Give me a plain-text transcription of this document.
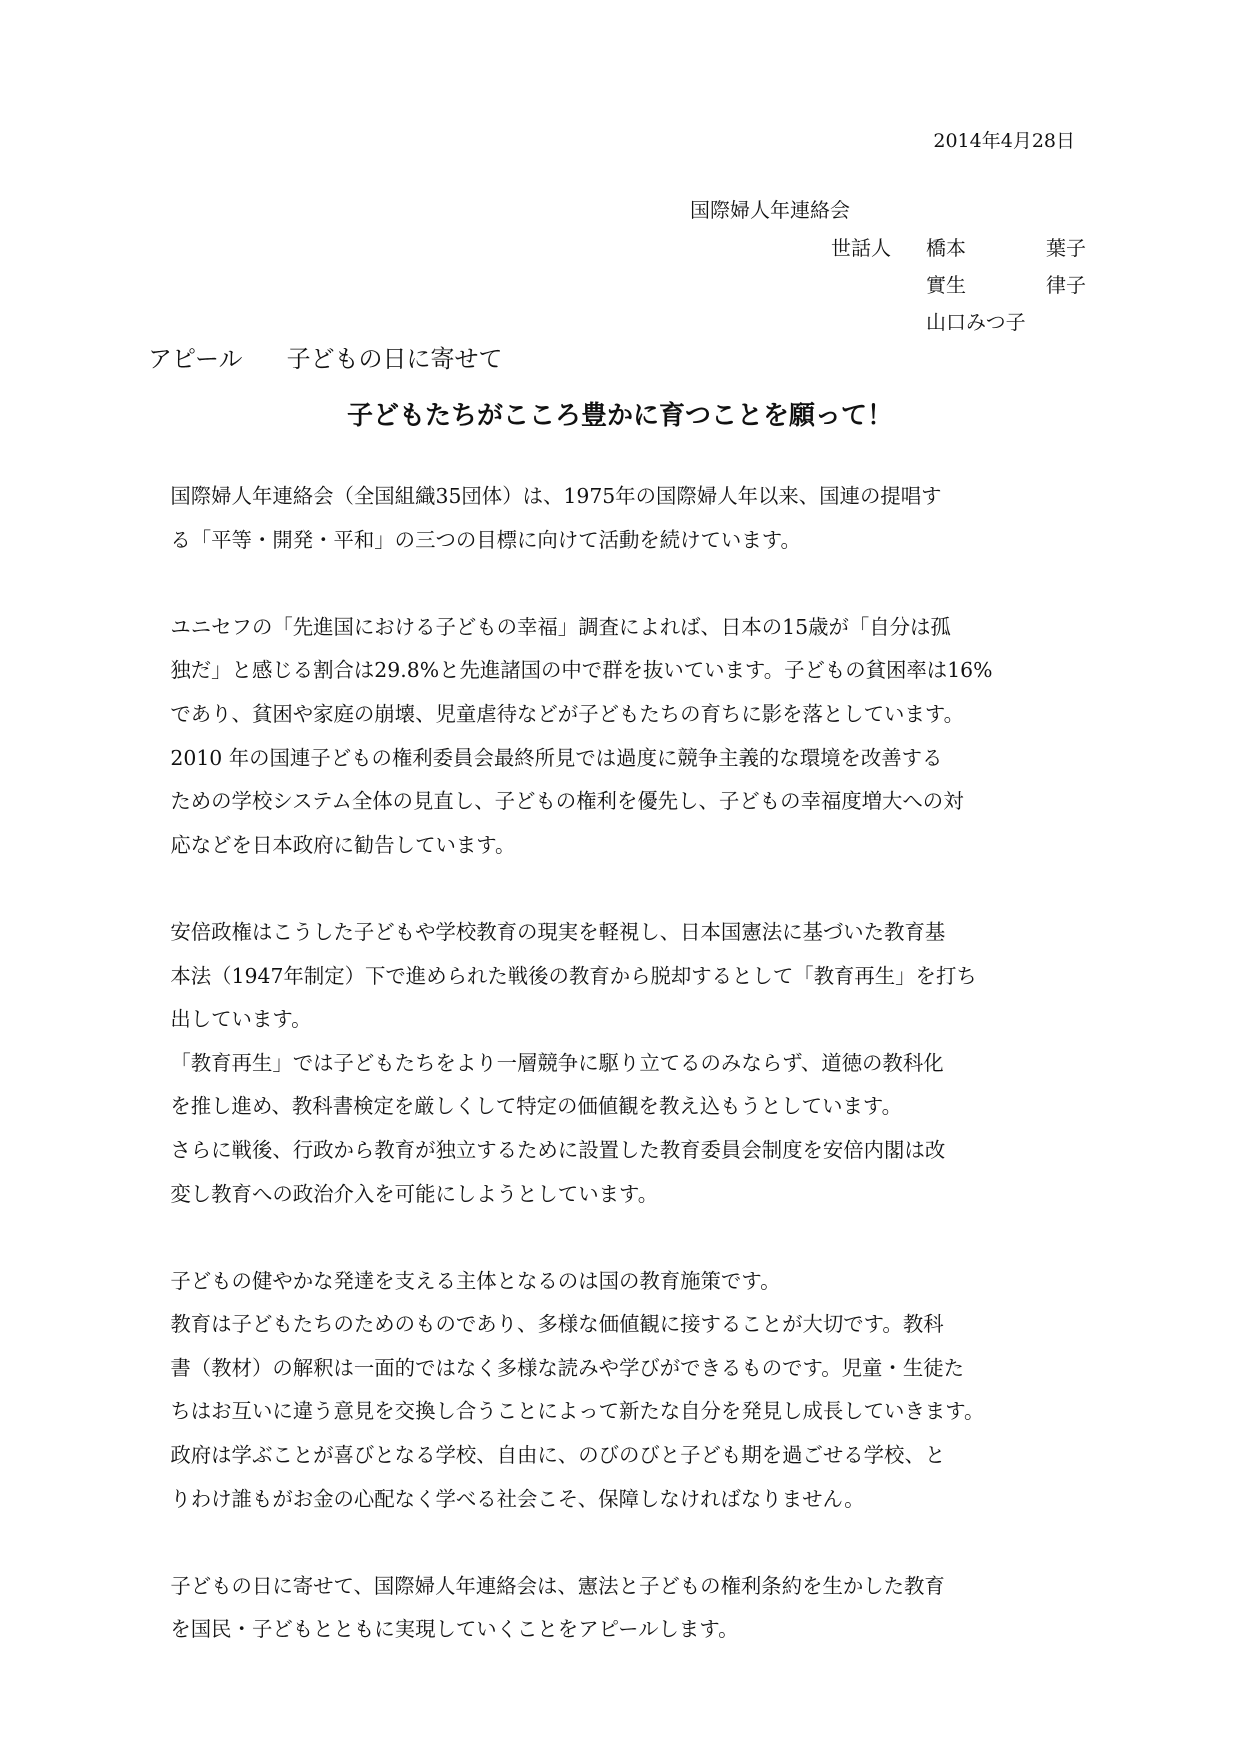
2014年4月28日
国際婦人年連絡会
世話人	橋本	葉子
實生	律子
山口みつ子
アピール 子どもの日に寄せて
子どもたちがこころ豊かに育つことを願って！

国際婦人年連絡会（全国組織35団体）は、1975年の国際婦人年以来、国連の提唱す
る「平等・開発・平和」の三つの目標に向けて活動を続けています。

ユニセフの「先進国における子どもの幸福」調査によれば、日本の15歳が「自分は孤
独だ」と感じる割合は29.8%と先進諸国の中で群を抜いています。子どもの貧困率は16%
であり、貧困や家庭の崩壊、児童虐待などが子どもたちの育ちに影を落としています。

2010 年の国連子どもの権利委員会最終所見では過度に競争主義的な環境を改善する
ための学校システム全体の見直し、子どもの権利を優先し、子どもの幸福度増大への対
応などを日本政府に勧告しています。

安倍政権はこうした子どもや学校教育の現実を軽視し、日本国憲法に基づいた教育基
本法（1947年制定）下で進められた戦後の教育から脱却するとして「教育再生」を打ち
出しています。

「教育再生」では子どもたちをより一層競争に駆り立てるのみならず、道徳の教科化
を推し進め、教科書検定を厳しくして特定の価値観を教え込もうとしています。

さらに戦後、行政から教育が独立するために設置した教育委員会制度を安倍内閣は改
変し教育への政治介入を可能にしようとしています。

子どもの健やかな発達を支える主体となるのは国の教育施策です。

教育は子どもたちのためのものであり、多様な価値観に接することが大切です。教科
書（教材）の解釈は一面的ではなく多様な読みや学びができるものです。児童・生徒た
ちはお互いに違う意見を交換し合うことによって新たな自分を発見し成長していきます。

政府は学ぶことが喜びとなる学校、自由に、のびのびと子ども期を過ごせる学校、と
りわけ誰もがお金の心配なく学べる社会こそ、保障しなければなりません。

子どもの日に寄せて、国際婦人年連絡会は、憲法と子どもの権利条約を生かした教育
を国民・子どもとともに実現していくことをアピールします。
